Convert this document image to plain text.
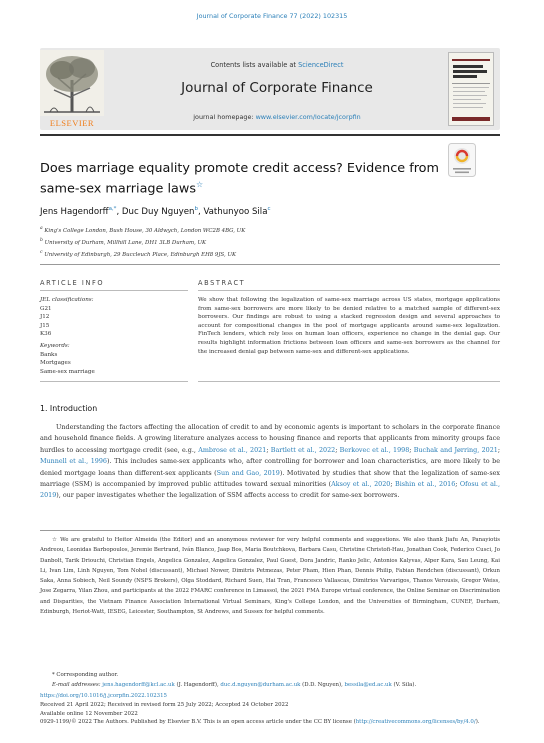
Journal of Corporate Finance 77 (2022) 102315
ELSEVIER
Contents lists available at ScienceDirect
Journal of Corporate Finance
journal homepage: www.elsevier.com/locate/jcorpfin
Does marriage equality promote credit access? Evidence from same-sex marriage laws☆
Jens Hagendorff$^{a,*}$, Duc Duy Nguyen$^b$, Vathunyoo Sila$^c$
$^a$ King's College London, Bush House, 30 Aldwych, London WC2B 4BG, UK
$^b$ University of Durham, Millhill Lane, DH1 3LB Durham, UK
$^c$ University of Edinburgh, 29 Buccleuch Place, Edinburgh EH8 9JS, UK
ARTICLE INFO
JEL classifications:
G21
J12
J15
K36
Keywords:
Banks
Mortgages
Same-sex marriage
ABSTRACT
We show that following the legalization of same-sex marriage across US states, mortgage applications from same-sex borrowers are more likely to be denied relative to a matched sample of different-sex borrowers. Our findings are robust to using a stacked regression design and several approaches to account for compositional changes in the pool of mortgage applicants around same-sex legalization. FinTech lenders, which rely less on human loan officers, experience no change in the denial gap. Our results highlight information frictions between loan officers and same-sex borrowers as the channel for the increased denial gap between same-sex and different-sex applications.
1. Introduction
Understanding the factors affecting the allocation of credit to and by economic agents is important to scholars in the corporate finance and household finance fields. A growing literature analyzes access to housing finance and reports that applicants from minority groups face hurdles to accessing mortgage credit (see, e.g., Ambrose et al., 2021; Bartlett et al., 2022; Berkovec et al., 1998; Buchak and Jørring, 2021; Munnell et al., 1996). This includes same-sex applicants who, after controlling for borrower and loan characteristics, are more likely to be denied mortgage loans than different-sex applicants (Sun and Gao, 2019). Motivated by studies that show that the legalization of same-sex marriage (SSM) is accompanied by improved public attitudes toward sexual minorities (Aksoy et al., 2020; Bishin et al., 2016; Ofosu et al., 2019), our paper investigates whether the legalization of SSM affects access to credit for same-sex borrowers.
☆ We are grateful to Heitor Almeida (the Editor) and an anonymous reviewer for very helpful comments and suggestions. We also thank Jiafu An, Panayiotis Andreou, Leonidas Barbopoulos, Jeremie Bertrand, Iván Blanco, Jaap Bos, Maria Boutchkova, Barbara Casu, Christine Christofi-Hau, Jonathan Cook, Federico Cusci, Jo Danbolt, Tarik Driouchi, Christian Engels, Angelica Gonzalez, Angelica Gonzalez, Paul Guest, Dora Jandric, Ranko Jelic, Antonios Kalyvas, Alper Kara, Sau Leung, Kai Li, Ivan Lim, Linh Nguyen, Tom Nohel (discussant), Michael Nower, Dimitris Petmezas, Peter Pham, Hien Phan, Dennis Philip, Fabian Rendchen (discussant), Orkun Saka, Anna Sobiech, Neil Soundy (NSFS Brokers), Olga Stoddard, Richard Suen, Hai Tran, Francesco Vallascas, Dimitrios Varvarigos, Thanos Verousis, Gregor Weiss, Jose Zegarra, Yilan Zhou, and participants at the 2022 FMARC conference in Limassol, the 2021 FMA Europe virtual conference, the Online Seminar on Discrimination and Disparities, the Vietnam Finance Association International Virtual Seminars, King's College London, and the Universities of Birmingham, CUNEF, Durham, Edinburgh, Heriot-Watt, IESEG, Leicester, Southampton, St Andrews, and Sussex for helpful comments.
* Corresponding author.
E-mail addresses: jens.hagendorff@kcl.ac.uk (J. Hagendorff), duc.d.nguyen@durham.ac.uk (D.D. Nguyen), bessila@ed.ac.uk (V. Sila).
https://doi.org/10.1016/j.jcorpfin.2022.102315
Received 21 April 2022; Received in revised form 25 July 2022; Accepted 24 October 2022
Available online 12 November 2022
0929-1199/© 2022 The Authors. Published by Elsevier B.V. This is an open access article under the CC BY license (http://creativecommons.org/licenses/by/4.0/).
